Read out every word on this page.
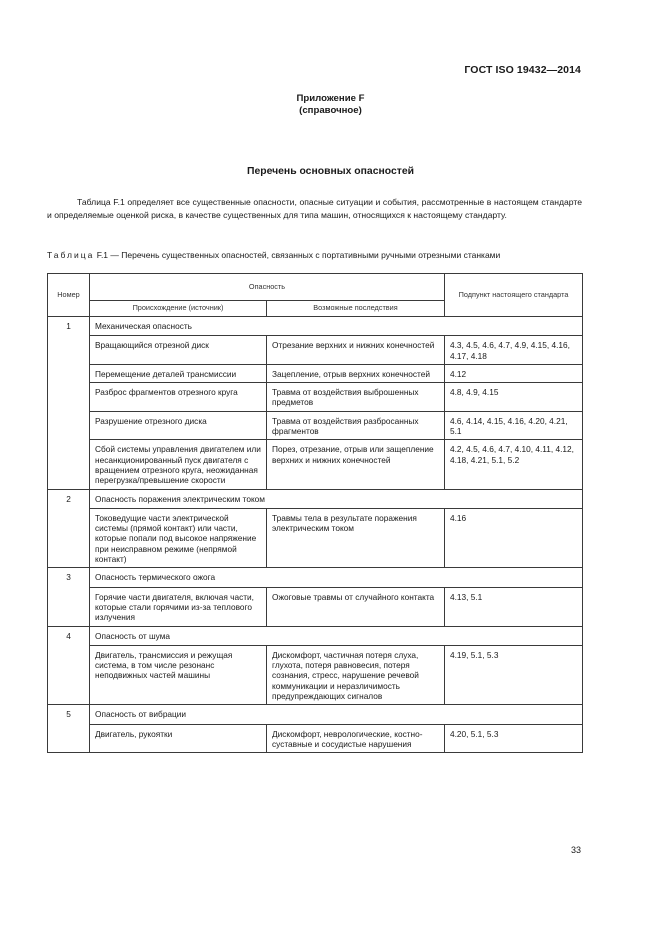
ГОСТ ISO 19432—2014
Приложение F
(справочное)
Перечень основных опасностей
Таблица F.1 определяет все существенные опасности, опасные ситуации и события, рассмотренные в настоящем стандарте и определяемые оценкой риска, в качестве существенных для типа машин, относящихся к настоящему стандарту.
Таблица F.1 — Перечень существенных опасностей, связанных с портативными ручными отрезными станками
Номер	Опасность		Подпункт настоящего стандарта
	Происхождение (источник)	Возможные последствия	
1	Механическая опасность		
	Вращающийся отрезной диск	Отрезание верхних и нижних конечностей	4.3, 4.5, 4.6, 4.7, 4.9, 4.15, 4.16, 4.17, 4.18
	Перемещение деталей трансмиссии	Зацепление, отрыв верхних конечностей	4.12
	Разброс фрагментов отрезного круга	Травма от воздействия выброшенных предметов	4.8, 4.9, 4.15
	Разрушение отрезного диска	Травма от воздействия разбросанных фрагментов	4.6, 4.14, 4.15, 4.16, 4.20, 4.21, 5.1
	Сбой системы управления двигателем или несанкционированный пуск двигателя с вращением отрезного круга, неожиданная перегрузка/превышение скорости	Порез, отрезание, отрыв или защепление верхних и нижних конечностей	4.2, 4.5, 4.6, 4.7, 4.10, 4.11, 4.12, 4.18, 4.21, 5.1, 5.2
2	Опасность поражения электрическим током		
	Токоведущие части электрической системы (прямой контакт) или части, которые попали под высокое напряжение при неисправном режиме (непрямой контакт)	Травмы тела в результате поражения электрическим током	4.16
3	Опасность термического ожога		
	Горячие части двигателя, включая части, которые стали горячими из-за теплового излучения	Ожоговые травмы от случайного контакта	4.13, 5.1
4	Опасность от шума		
	Двигатель, трансмиссия и режущая система, в том числе резонанс неподвижных частей машины	Дискомфорт, частичная потеря слуха, глухота, потеря равновесия, потеря сознания, стресс, нарушение речевой коммуникации и неразличимость предупреждающих сигналов	4.19, 5.1, 5.3
5	Опасность от вибрации		
	Двигатель, рукоятки	Дискомфорт, неврологические, костно-суставные и сосудистые нарушения	4.20, 5.1, 5.3
33
